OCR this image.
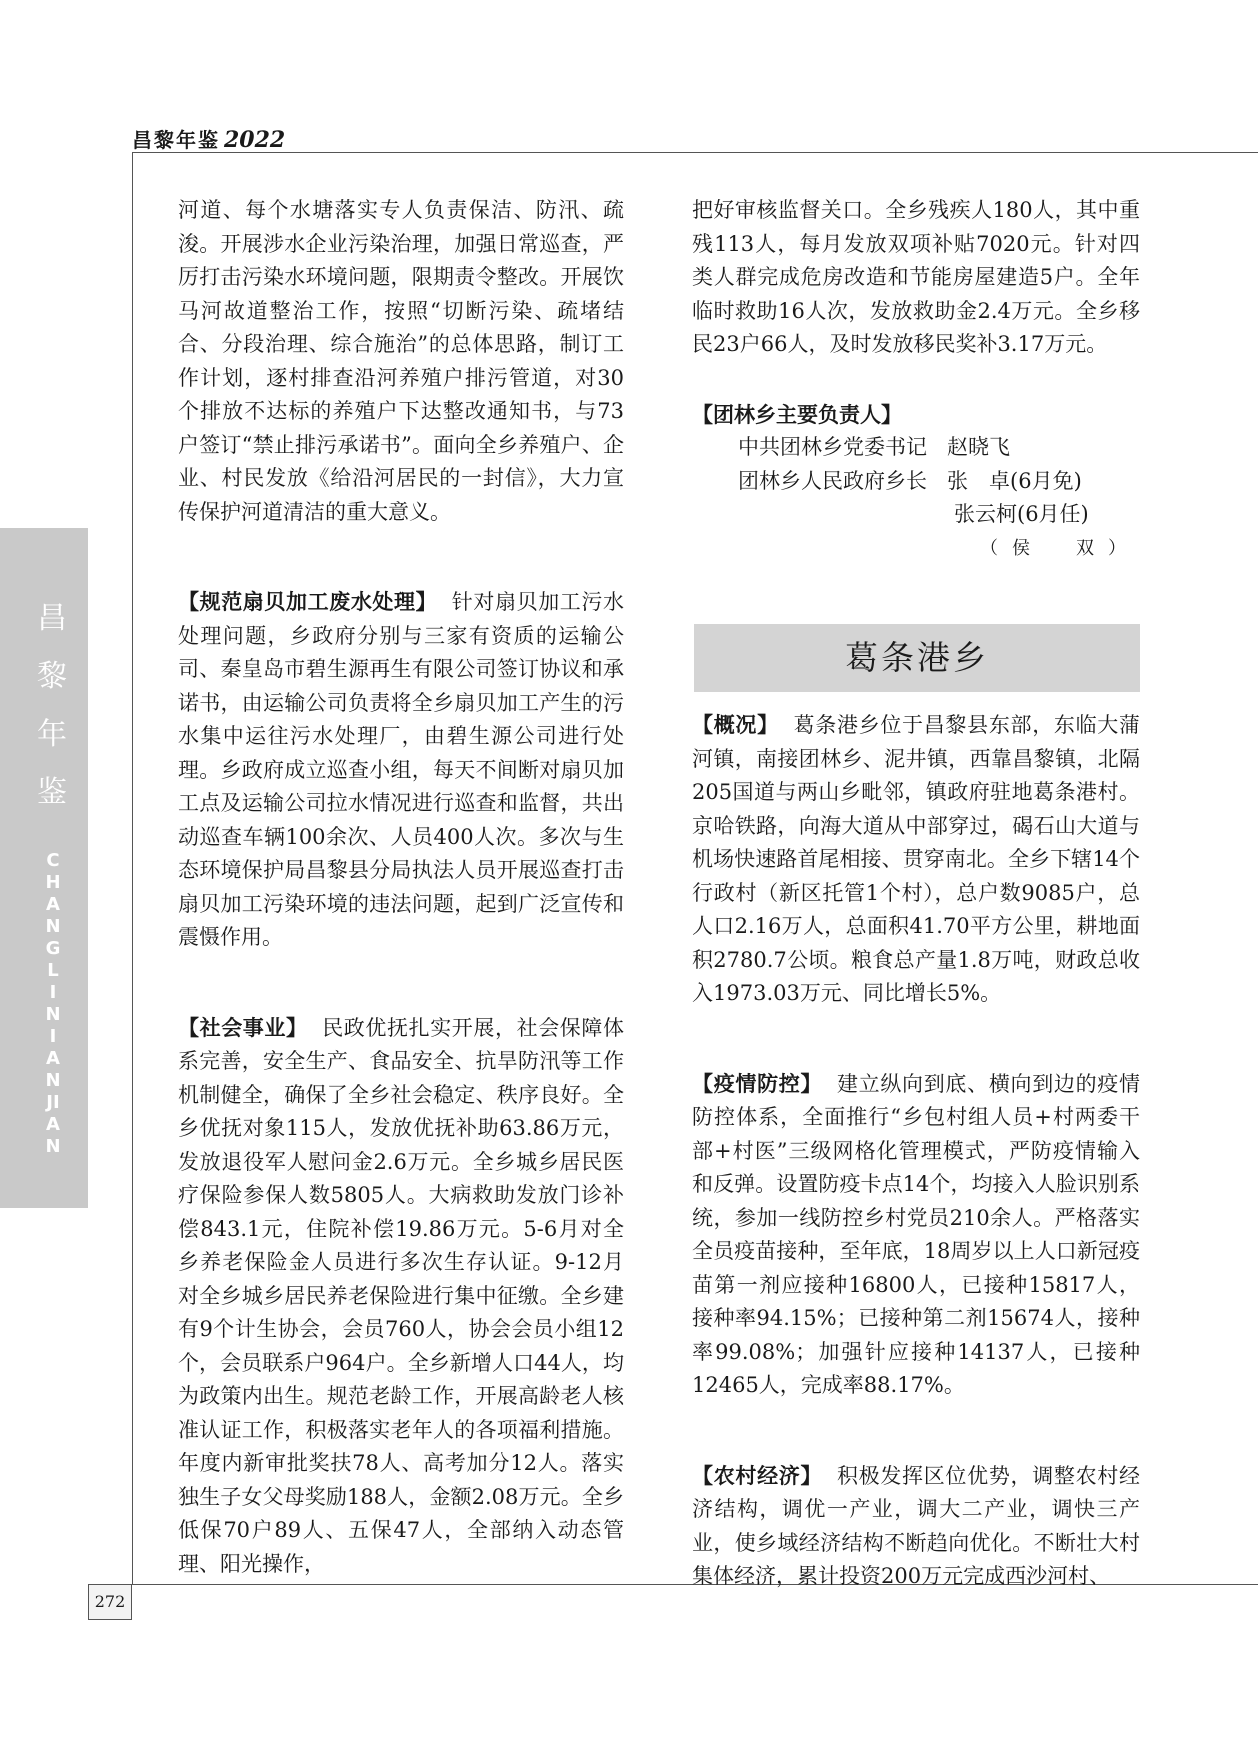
昌黎年鉴 2022
昌黎年鉴
CHANGLINIANJIAN
272

河道、每个水塘落实专人负责保洁、防汛、疏浚。开展涉水企业污染治理，加强日常巡查，严厉打击污染水环境问题，限期责令整改。开展饮马河故道整治工作，按照“切断污染、疏堵结合、分段治理、综合施治”的总体思路，制订工作计划，逐村排查沿河养殖户排污管道，对30个排放不达标的养殖户下达整改通知书，与73户签订“禁止排污承诺书”。面向全乡养殖户、企业、村民发放《给沿河居民的一封信》，大力宣传保护河道清洁的重大意义。

【规范扇贝加工废水处理】 针对扇贝加工污水处理问题，乡政府分别与三家有资质的运输公司、秦皇岛市碧生源再生有限公司签订协议和承诺书，由运输公司负责将全乡扇贝加工产生的污水集中运往污水处理厂，由碧生源公司进行处理。乡政府成立巡查小组，每天不间断对扇贝加工点及运输公司拉水情况进行巡查和监督，共出动巡查车辆100余次、人员400人次。多次与生态环境保护局昌黎县分局执法人员开展巡查打击扇贝加工污染环境的违法问题，起到广泛宣传和震慑作用。

【社会事业】 民政优抚扎实开展，社会保障体系完善，安全生产、食品安全、抗旱防汛等工作机制健全，确保了全乡社会稳定、秩序良好。全乡优抚对象115人，发放优抚补助63.86万元，发放退役军人慰问金2.6万元。全乡城乡居民医疗保险参保人数5805人。大病救助发放门诊补偿843.1元，住院补偿19.86万元。5-6月对全乡养老保险金人员进行多次生存认证。9-12月对全乡城乡居民养老保险进行集中征缴。全乡建有9个计生协会，会员760人，协会会员小组12个，会员联系户964户。全乡新增人口44人，均为政策内出生。规范老龄工作，开展高龄老人核准认证工作，积极落实老年人的各项福利措施。年度内新审批奖扶78人、高考加分12人。落实独生子女父母奖励188人，金额2.08万元。全乡低保70户89人、五保47人，全部纳入动态管理、阳光操作，

把好审核监督关口。全乡残疾人180人，其中重残113人，每月发放双项补贴7020元。针对四类人群完成危房改造和节能房屋建造5户。全年临时救助16人次，发放救助金2.4万元。全乡移民23户66人，及时发放移民奖补3.17万元。

【团林乡主要负责人】

中共团林乡党委书记 赵晓飞

团林乡人民政府乡长 张　卓(6月免)

张云柯(6月任)

（侯　双）

葛条港乡

【概况】 葛条港乡位于昌黎县东部，东临大蒲河镇，南接团林乡、泥井镇，西靠昌黎镇，北隔205国道与两山乡毗邻，镇政府驻地葛条港村。京哈铁路，向海大道从中部穿过，碣石山大道与机场快速路首尾相接、贯穿南北。全乡下辖14个行政村（新区托管1个村），总户数9085户，总人口2.16万人，总面积41.70平方公里，耕地面积2780.7公顷。粮食总产量1.8万吨，财政总收入1973.03万元、同比增长5%。

【疫情防控】 建立纵向到底、横向到边的疫情防控体系，全面推行“乡包村组人员+村两委干部+村医”三级网格化管理模式，严防疫情输入和反弹。设置防疫卡点14个，均接入人脸识别系统，参加一线防控乡村党员210余人。严格落实全员疫苗接种，至年底，18周岁以上人口新冠疫苗第一剂应接种16800人，已接种15817人，接种率94.15%；已接种第二剂15674人，接种率99.08%；加强针应接种14137人，已接种12465人，完成率88.17%。

【农村经济】 积极发挥区位优势，调整农村经济结构，调优一产业，调大二产业，调快三产业，使乡域经济结构不断趋向优化。不断壮大村集体经济，累计投资200万元完成西沙河村、
